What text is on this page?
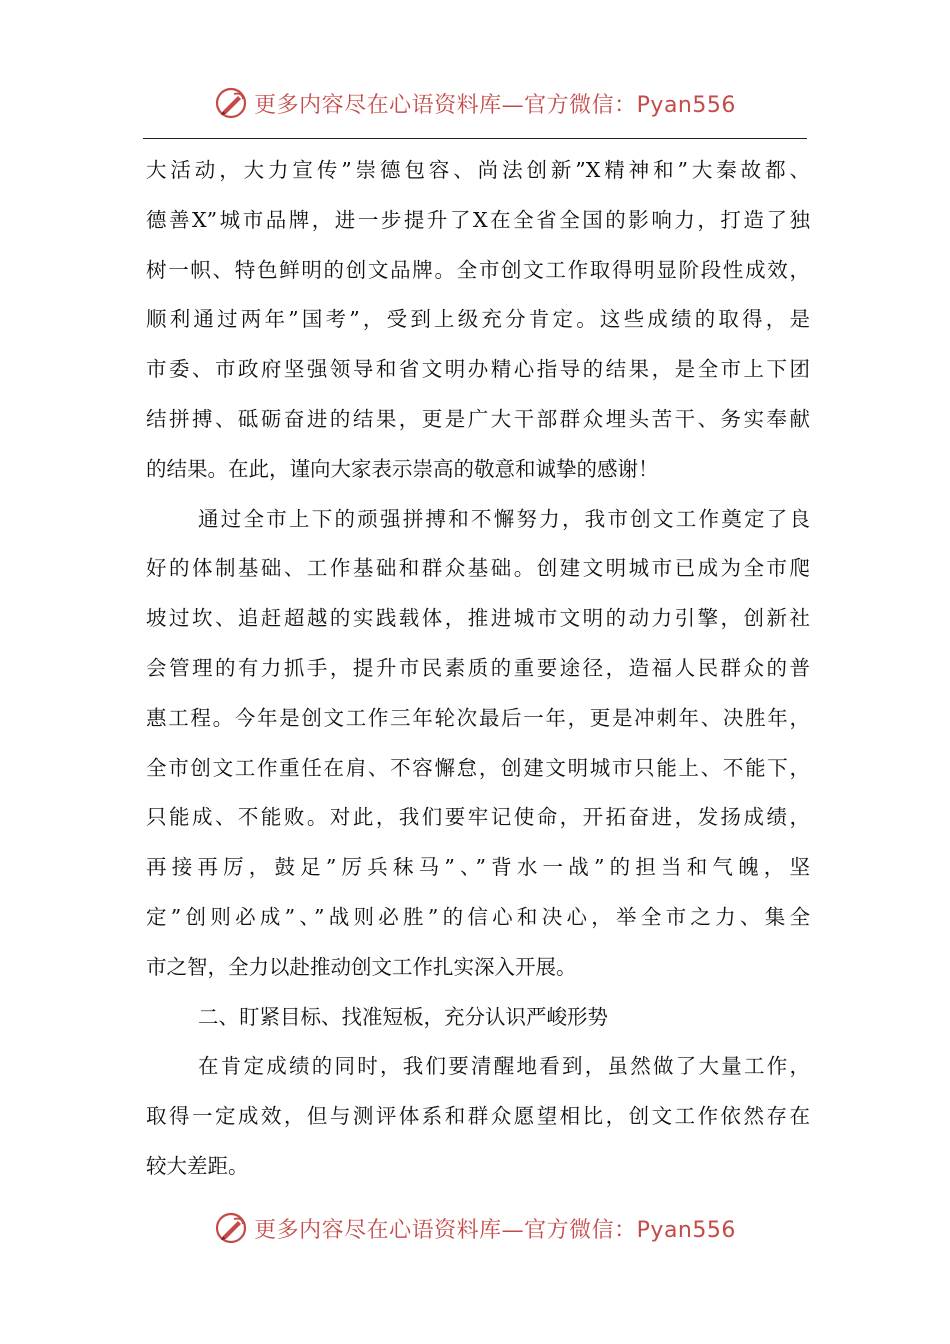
更多内容尽在心语资料库—官方微信：Pyan556
大活动，大力宣传”崇德包容、尚法创新”X精神和”大秦故都、
德善X”城市品牌，进一步提升了X在全省全国的影响力，打造了独
树一帜、特色鲜明的创文品牌。全市创文工作取得明显阶段性成效，
顺利通过两年”国考”，受到上级充分肯定。这些成绩的取得，是
市委、市政府坚强领导和省文明办精心指导的结果，是全市上下团
结拼搏、砥砺奋进的结果，更是广大干部群众埋头苦干、务实奉献
的结果。在此，谨向大家表示崇高的敬意和诚挚的感谢！
通过全市上下的顽强拼搏和不懈努力，我市创文工作奠定了良
好的体制基础、工作基础和群众基础。创建文明城市已成为全市爬
坡过坎、追赶超越的实践载体，推进城市文明的动力引擎，创新社
会管理的有力抓手，提升市民素质的重要途径，造福人民群众的普
惠工程。今年是创文工作三年轮次最后一年，更是冲刺年、决胜年，
全市创文工作重任在肩、不容懈怠，创建文明城市只能上、不能下，
只能成、不能败。对此，我们要牢记使命，开拓奋进，发扬成绩，
再接再厉，鼓足”厉兵秣马”、”背水一战”的担当和气魄，坚
定”创则必成”、”战则必胜”的信心和决心，举全市之力、集全
市之智，全力以赴推动创文工作扎实深入开展。
二、盯紧目标、找准短板，充分认识严峻形势
在肯定成绩的同时，我们要清醒地看到，虽然做了大量工作，
取得一定成效，但与测评体系和群众愿望相比，创文工作依然存在
较大差距。
更多内容尽在心语资料库—官方微信：Pyan556
